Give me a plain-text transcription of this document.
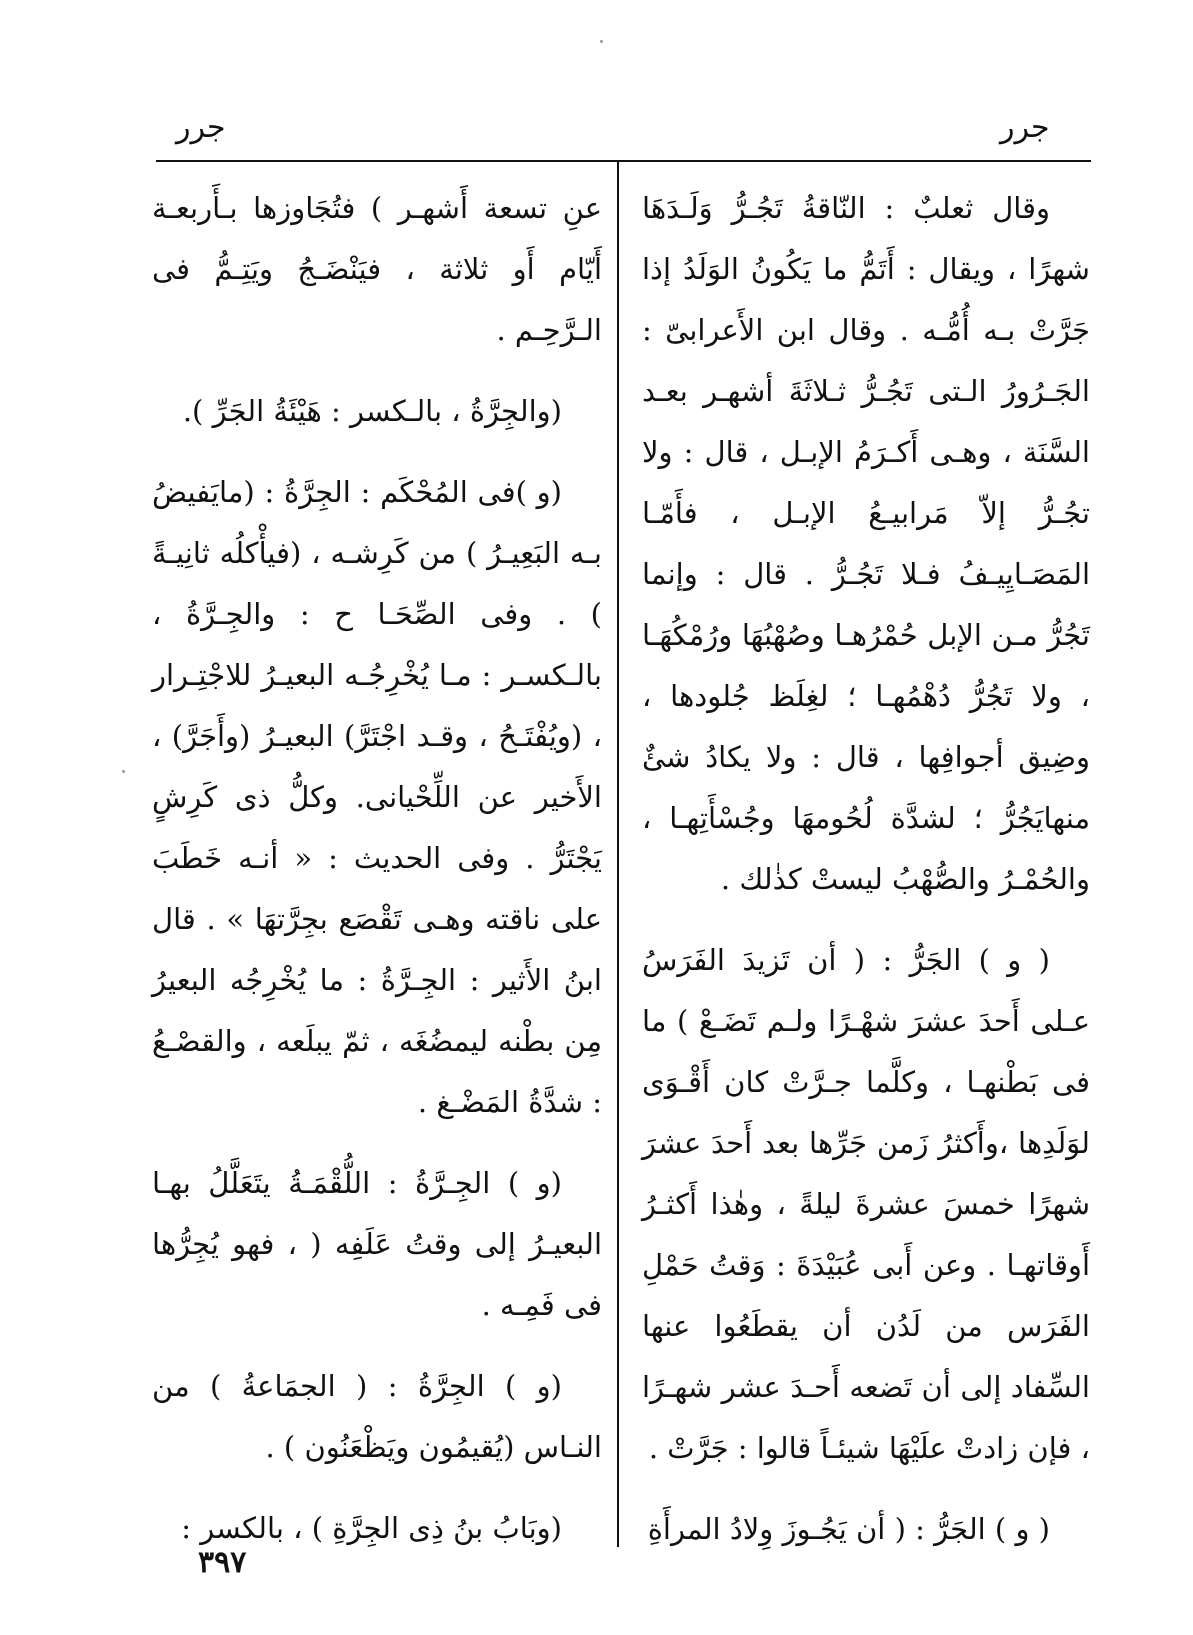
جرر
جرر

وقال ثعلبٌ : النّاقةُ تَجُـرُّ وَلَـدَهَا شهرًا ، ويقال : أَتَمُّ ما يَكُونُ الوَلَدُ إذا جَرَّتْ بـه أُمُّـه . وقال ابن الأَعرابىّ : الجَـرُورُ الـتى تَجُـرُّ ثـلاثَةَ أشهـر بعـد السَّنَة ، وهـى أَكـرَمُ الإبـل ، قال : ولا تجُـرُّ إلاّ مَرابيـعُ الإبـل ، فأَمّـا المَصَـايِيـفُ فـلا تَجُـرُّ . قال : وإنما تَجُرُّ مـن الإبل حُمْرُهـا وصُهْبُهَا ورُمْكُهَـا ، ولا تَجُرُّ دُهْمُهـا ؛ لغِلَظ جُلودها ، وضِيق أجوافِها ، قال : ولا يكادُ شئٌ منهايَجُرُّ ؛ لشدَّة لُحُومهَا وجُسْأَتِهـا ، والحُمْـرُ والصُّهْبُ ليستْ كذٰلك .

( و ) الجَرُّ : ( أن تَزيدَ الفَرَسُ عـلى أَحدَ عشرَ شهْـرًا ولـم تَضَـعْ ) ما فى بَطْنهـا ، وكلَّما جـرَّتْ كان أَقْـوَى لوَلَدِها ،وأَكثرُ زَمن جَرِّها بعد أَحدَ عشرَ شهرًا خمسَ عشرةَ ليلةً ، وهٰذا أَكثـرُ أَوقاتهـا . وعن أَبى عُبَيْدَةَ : وَقتُ حَمْلِ الفَرَس من لَدُن أن يقطَعُوا عنها السِّفاد إلى أن تَضعه أَحـدَ عشر شهـرًا ، فإن زادتْ علَيْهَا شيئـاً قالوا : جَرَّتْ .

( و ) الجَرُّ : ( أن يَجُـوزَ وِلادُ المرأَةِ

عنِ تسعة أَشهـر ) فتُجَاوزها بـأَربعـة أَيّام أَو ثلاثة ، فيَنْضَـجُ ويَتِـمُّ فى الـرَّحِـم .

(والجِرَّةُ ، بالـكسر : هَيْئَةُ الجَرِّ ).

(و )فى المُحْكَم : الجِرَّةُ : (مايَفيضُ بـه البَعِيـرُ ) من كَرِشـه ، (فيأْكلُه ثانِيـةً ) . وفى الصِّحَـا ح : والجِـرَّةُ ، بالـكسـر : مـا يُخْرِجُـه البعيـرُ للاجْتِـرار ، (ويُفْتَـحُ ، وقـد اجْتَرَّ) البعيـرُ (وأَجَرَّ) ، الأَخير عن اللِّحْيانى. وكلُّ ذى كَرِشٍ يَجْتَرُّ . وفى الحديث : « أنـه خَطَبَ على ناقته وهـى تَقْصَع بجِرَّتهَا » . قال ابنُ الأَثير : الجِـرَّةُ : ما يُخْرِجُه البعيرُ مِن بطْنه ليمضُغَه ، ثمّ يبلَعه ، والقصْـعُ : شدَّةُ المَضْـغ .

(و ) الجِـرَّةُ : اللُّقْمَـةُ يتَعَلَّلُ بهـا البعيـرُ إلى وقتُ عَلَفِه ( ، فهو يُجِرُّها فى فَمِـه .

(و ) الجِرَّةُ : ( الجمَاعةُ ) من النـاس (يُقيمُون ويَظْعَنُون ) .

(وبَابُ بنُ ذِى الجِرَّةِ ) ، بالكسر :

٣٩٧
